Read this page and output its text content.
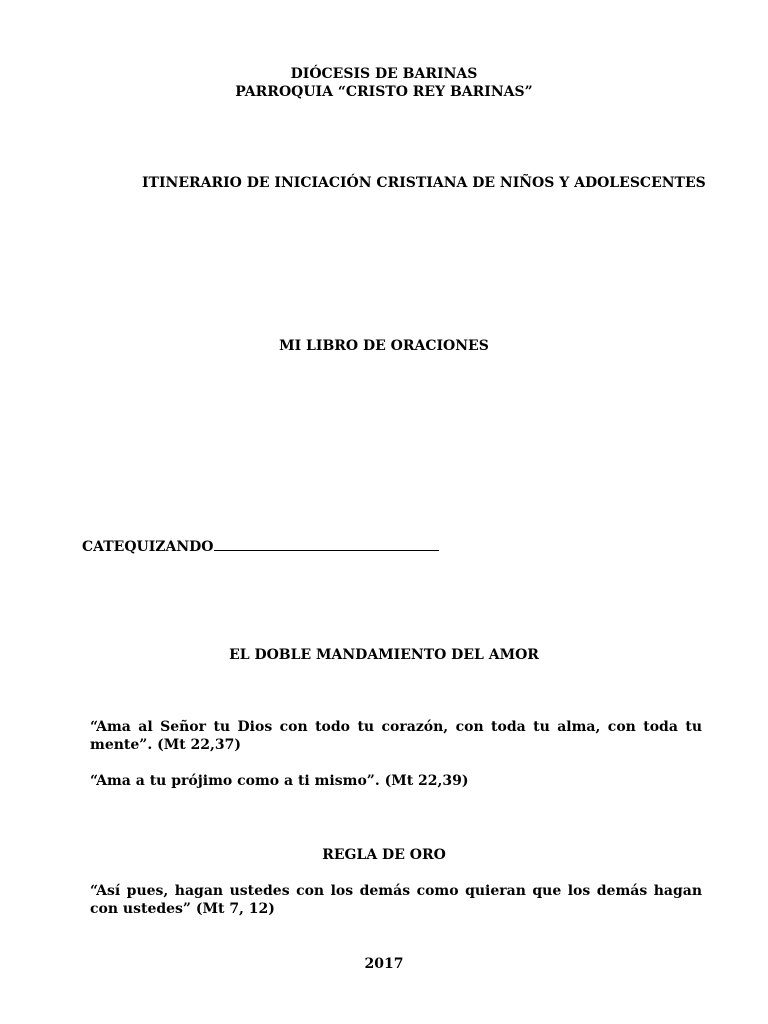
DIÓCESIS DE BARINAS
PARROQUIA “CRISTO REY BARINAS”
ITINERARIO DE INICIACIÓN CRISTIANA DE NIÑOS Y ADOLESCENTES
MI LIBRO DE ORACIONES
CATEQUIZANDO
EL DOBLE MANDAMIENTO DEL AMOR
“Ama al Señor tu Dios con todo tu corazón, con toda tu alma, con toda tu mente”. (Mt 22,37)
“Ama a tu prójimo como a ti mismo”. (Mt 22,39)
REGLA DE ORO
“Así pues, hagan ustedes con los demás como quieran que los demás hagan con ustedes” (Mt 7, 12)
2017
